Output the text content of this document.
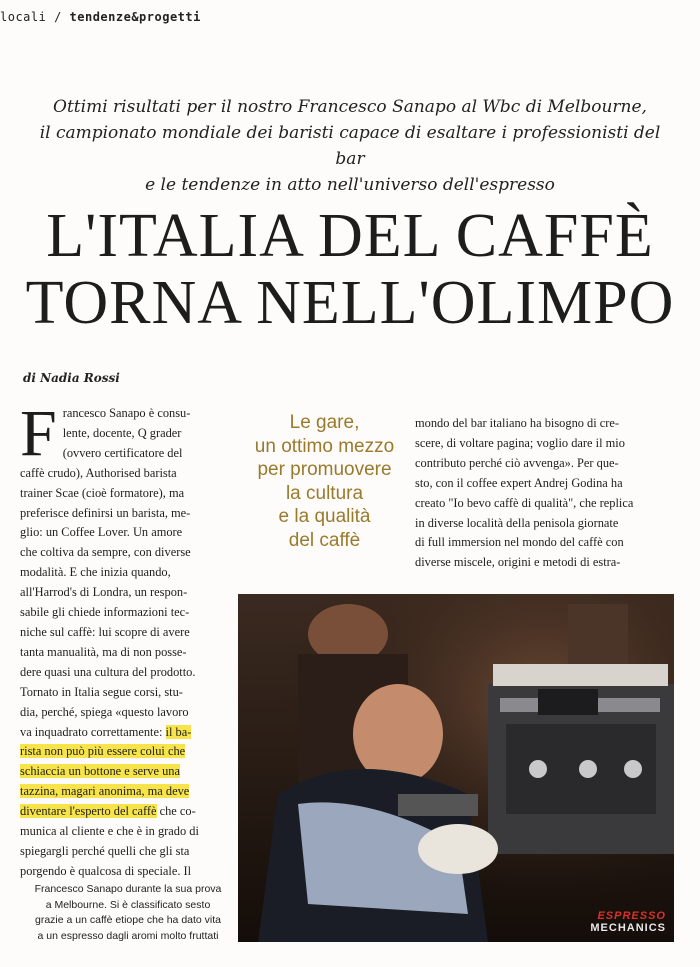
locali / tendenze&progetti
Ottimi risultati per il nostro Francesco Sanapo al Wbc di Melbourne,
il campionato mondiale dei baristi capace di esaltare i professionisti del bar
e le tendenze in atto nell'universo dell'espresso
L'ITALIA DEL CAFFÈ
TORNA NELL'OLIMPO
di Nadia Rossi
F rancesco Sanapo è consu-
lente, docente, Q grader
(ovvero certificatore del
caffè crudo), Authorised barista
trainer Scae (cioè formatore), ma
preferisce definirsi un barista, me-
glio: un Coffee Lover. Un amore
che coltiva da sempre, con diverse
modalità. E che inizia quando,
all'Harrod's di Londra, un respon-
sabile gli chiede informazioni tec-
niche sul caffè: lui scopre di avere
tanta manualità, ma di non posse-
dere quasi una cultura del prodotto.
Tornato in Italia segue corsi, stu-
dia, perché, spiega «questo lavoro
va inquadrato correttamente: il ba-
rista non può più essere colui che
schiaccia un bottone e serve una
tazzina, magari anonima, ma deve
diventare l'esperto del caffè che co-
munica al cliente e che è in grado di
spiegargli perché quelli che gli sta
porgendo è qualcosa di speciale. Il
Le gare,
un ottimo mezzo
per promuovere
la cultura
e la qualità
del caffè
mondo del bar italiano ha bisogno di cre-
scere, di voltare pagina; voglio dare il mio
contributo perché ciò avvenga». Per que-
sto, con il coffee expert Andrej Godina ha
creato "Io bevo caffè di qualità", che replica
in diverse località della penisola giornate
di full immersion nel mondo del caffè con
diverse miscele, origini e metodi di estra-
ESPRESSO
MECHANICS
Francesco Sanapo durante la sua prova
a Melbourne. Si è classificato sesto
grazie a un caffè etiope che ha dato vita
a un espresso dagli aromi molto fruttati
